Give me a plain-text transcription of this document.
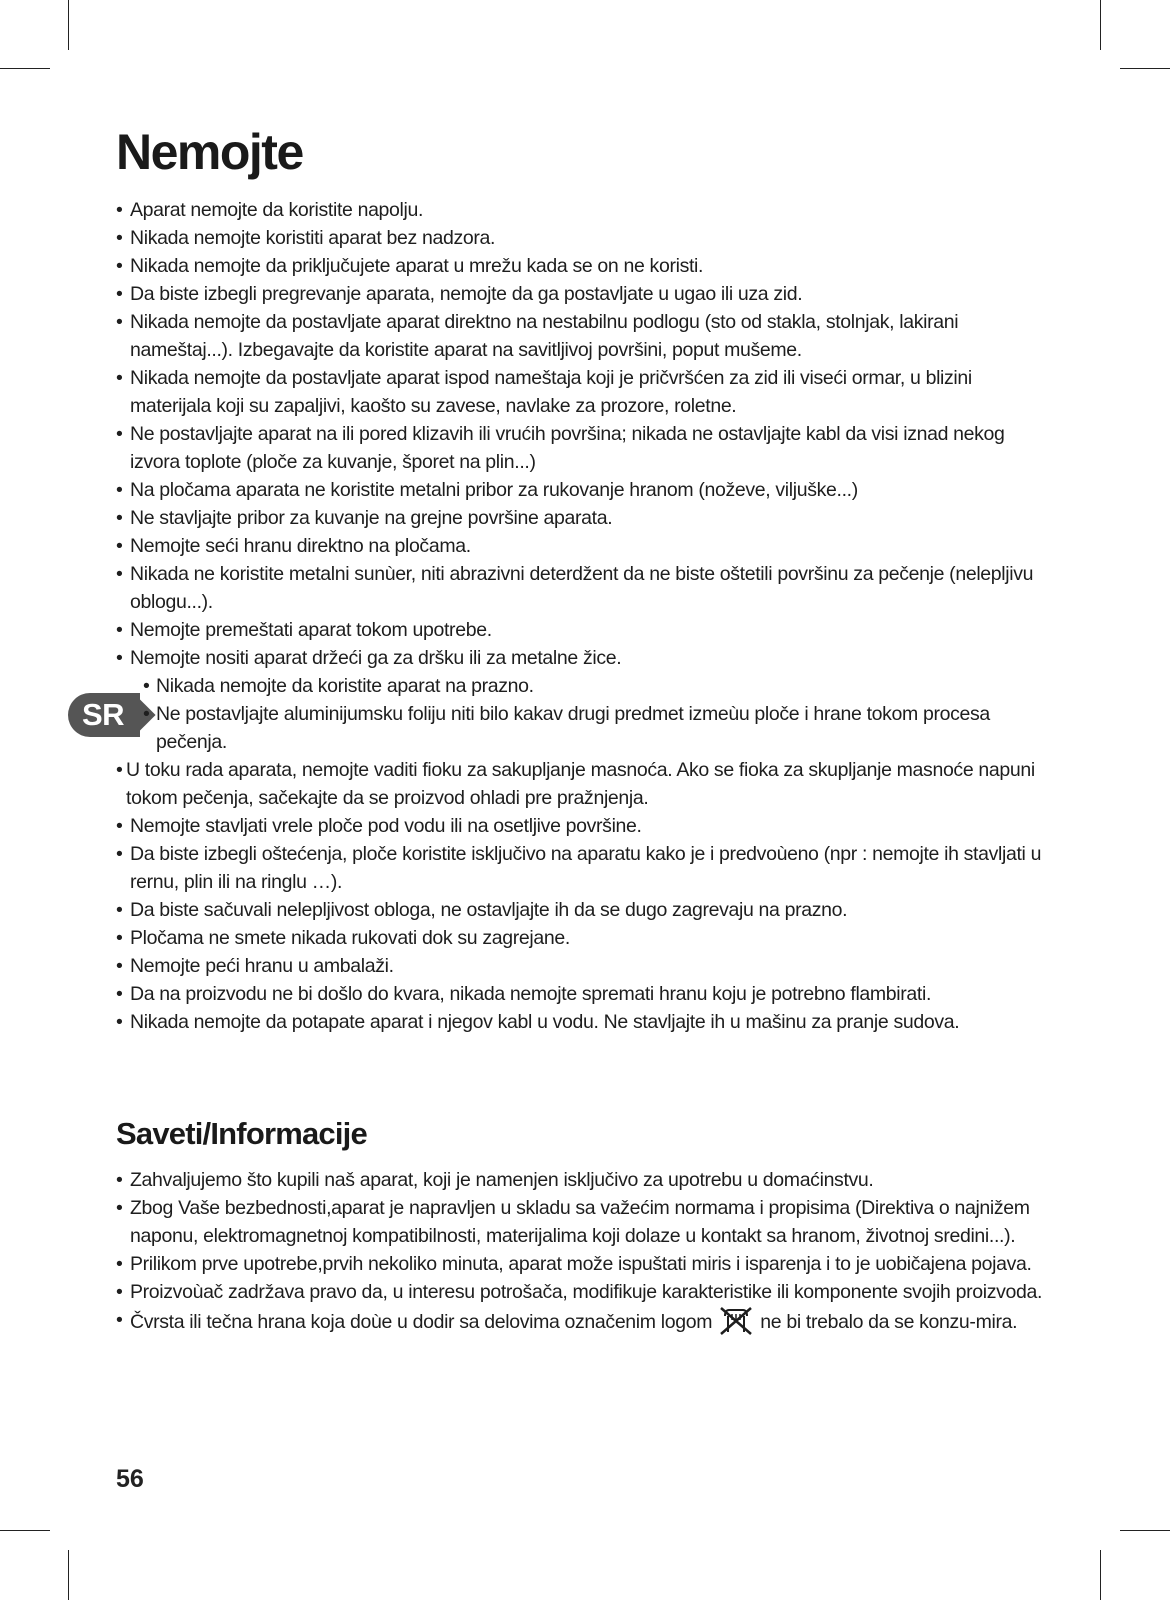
SR
Nemojte
• Aparat nemojte da koristite napolju.
• Nikada nemojte koristiti aparat bez nadzora.
• Nikada nemojte da priključujete aparat u mrežu kada se on ne koristi.
• Da biste izbegli pregrevanje aparata, nemojte da ga postavljate u ugao ili uza zid.
• Nikada nemojte da postavljate aparat direktno na nestabilnu podlogu (sto od stakla, stolnjak, lakirani nameštaj...). Izbegavajte da koristite aparat na savitljivoj površini, poput mušeme.
• Nikada nemojte da postavljate aparat ispod nameštaja koji je pričvršćen za zid ili viseći ormar, u blizini materijala koji su zapaljivi, kaošto su zavese, navlake za prozore, roletne.
• Ne postavljajte aparat na ili pored klizavih ili vrućih površina; nikada ne ostavljajte kabl da visi iznad nekog izvora toplote (ploče za kuvanje, šporet na plin...)
• Na pločama aparata ne koristite metalni pribor za rukovanje hranom (noževe, viljuške...)
• Ne stavljajte pribor za kuvanje na grejne površine aparata.
• Nemojte seći hranu direktno na pločama.
• Nikada ne koristite metalni sunùer, niti abrazivni deterdžent da ne biste oštetili površinu za pečenje (nelepljivu oblogu...).
• Nemojte premeštati aparat tokom upotrebe.
• Nemojte nositi aparat držeći ga za dršku ili za metalne žice.
• Nikada nemojte da koristite aparat na prazno.
• Ne postavljajte aluminijumsku foliju niti bilo kakav drugi predmet izmeùu ploče i hrane tokom procesa pečenja.
• U toku rada aparata, nemojte vaditi fioku za sakupljanje masnoća. Ako se fioka za skupljanje masnoće napuni tokom pečenja, sačekajte da se proizvod ohladi pre pražnjenja.
• Nemojte stavljati vrele ploče pod vodu ili na osetljive površine.
• Da biste izbegli oštećenja, ploče koristite isključivo na aparatu kako je i predvoùeno (npr : nemojte ih stavljati u rernu, plin ili na ringlu …).
• Da biste sačuvali nelepljivost obloga, ne ostavljajte ih da se dugo zagrevaju na prazno.
• Pločama ne smete nikada rukovati dok su zagrejane.
• Nemojte peći hranu u ambalaži.
• Da na proizvodu ne bi došlo do kvara, nikada nemojte spremati hranu koju je potrebno flambirati.
• Nikada nemojte da potapate aparat i njegov kabl u vodu. Ne stavljajte ih u mašinu za pranje sudova.
Saveti/Informacije
• Zahvaljujemo što kupili naš aparat, koji je namenjen isključivo za upotrebu u domaćinstvu.
• Zbog Vaše bezbednosti,aparat je napravljen u skladu sa važećim normama i propisima (Direktiva o najnižem naponu, elektromagnetnoj kompatibilnosti, materijalima koji dolaze u kontakt sa hranom, životnoj sredini...).
• Prilikom prve upotrebe,prvih nekoliko minuta, aparat može ispuštati miris i isparenja i to je uobičajena pojava.
• Proizvoùač zadržava pravo da, u interesu potrošača, modifikuje karakteristike ili komponente svojih proizvoda.
• Čvrsta ili tečna hrana koja doùe u dodir sa delovima označenim logom ne bi trebalo da se konzu-mira.
56
